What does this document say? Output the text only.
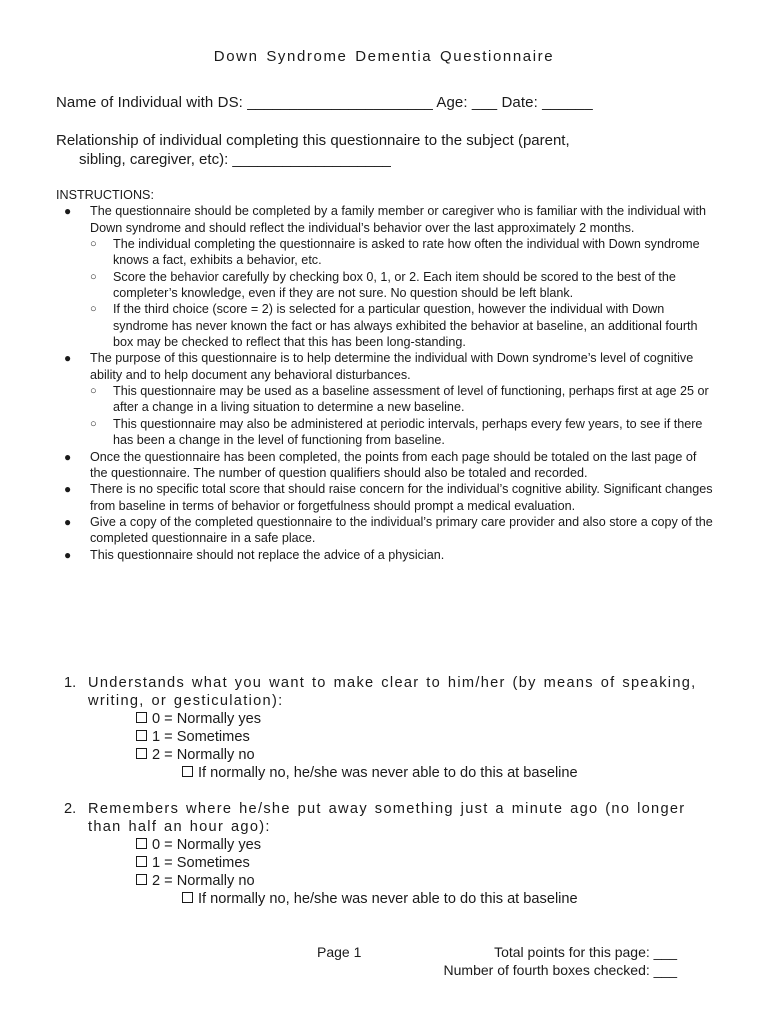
Down Syndrome Dementia Questionnaire
Name of Individual with DS: ______________________ Age: ___ Date: ______
Relationship of individual completing this questionnaire to the subject (parent,
sibling, caregiver, etc): ___________________
INSTRUCTIONS:
● The questionnaire should be completed by a family member or caregiver who is familiar with the individual with Down syndrome and should reflect the individual’s behavior over the last approximately 2 months.
○ The individual completing the questionnaire is asked to rate how often the individual with Down syndrome knows a fact, exhibits a behavior, etc.
○ Score the behavior carefully by checking box 0, 1, or 2. Each item should be scored to the best of the completer’s knowledge, even if they are not sure. No question should be left blank.
○ If the third choice (score = 2) is selected for a particular question, however the individual with Down syndrome has never known the fact or has always exhibited the behavior at baseline, an additional fourth box may be checked to reflect that this has been long-standing.
● The purpose of this questionnaire is to help determine the individual with Down syndrome’s level of cognitive ability and to help document any behavioral disturbances.
○ This questionnaire may be used as a baseline assessment of level of functioning, perhaps first at age 25 or after a change in a living situation to determine a new baseline.
○ This questionnaire may also be administered at periodic intervals, perhaps every few years, to see if there has been a change in the level of functioning from baseline.
● Once the questionnaire has been completed, the points from each page should be totaled on the last page of the questionnaire. The number of question qualifiers should also be totaled and recorded.
● There is no specific total score that should raise concern for the individual’s cognitive ability. Significant changes from baseline in terms of behavior or forgetfulness should prompt a medical evaluation.
● Give a copy of the completed questionnaire to the individual’s primary care provider and also store a copy of the completed questionnaire in a safe place.
● This questionnaire should not replace the advice of a physician.
1. Understands what you want to make clear to him/her (by means of speaking, writing, or gesticulation):
0 = Normally yes
1 = Sometimes
2 = Normally no
If normally no, he/she was never able to do this at baseline
2. Remembers where he/she put away something just a minute ago (no longer than half an hour ago):
0 = Normally yes
1 = Sometimes
2 = Normally no
If normally no, he/she was never able to do this at baseline
Page 1	Total points for this page: ___
Number of fourth boxes checked: ___
